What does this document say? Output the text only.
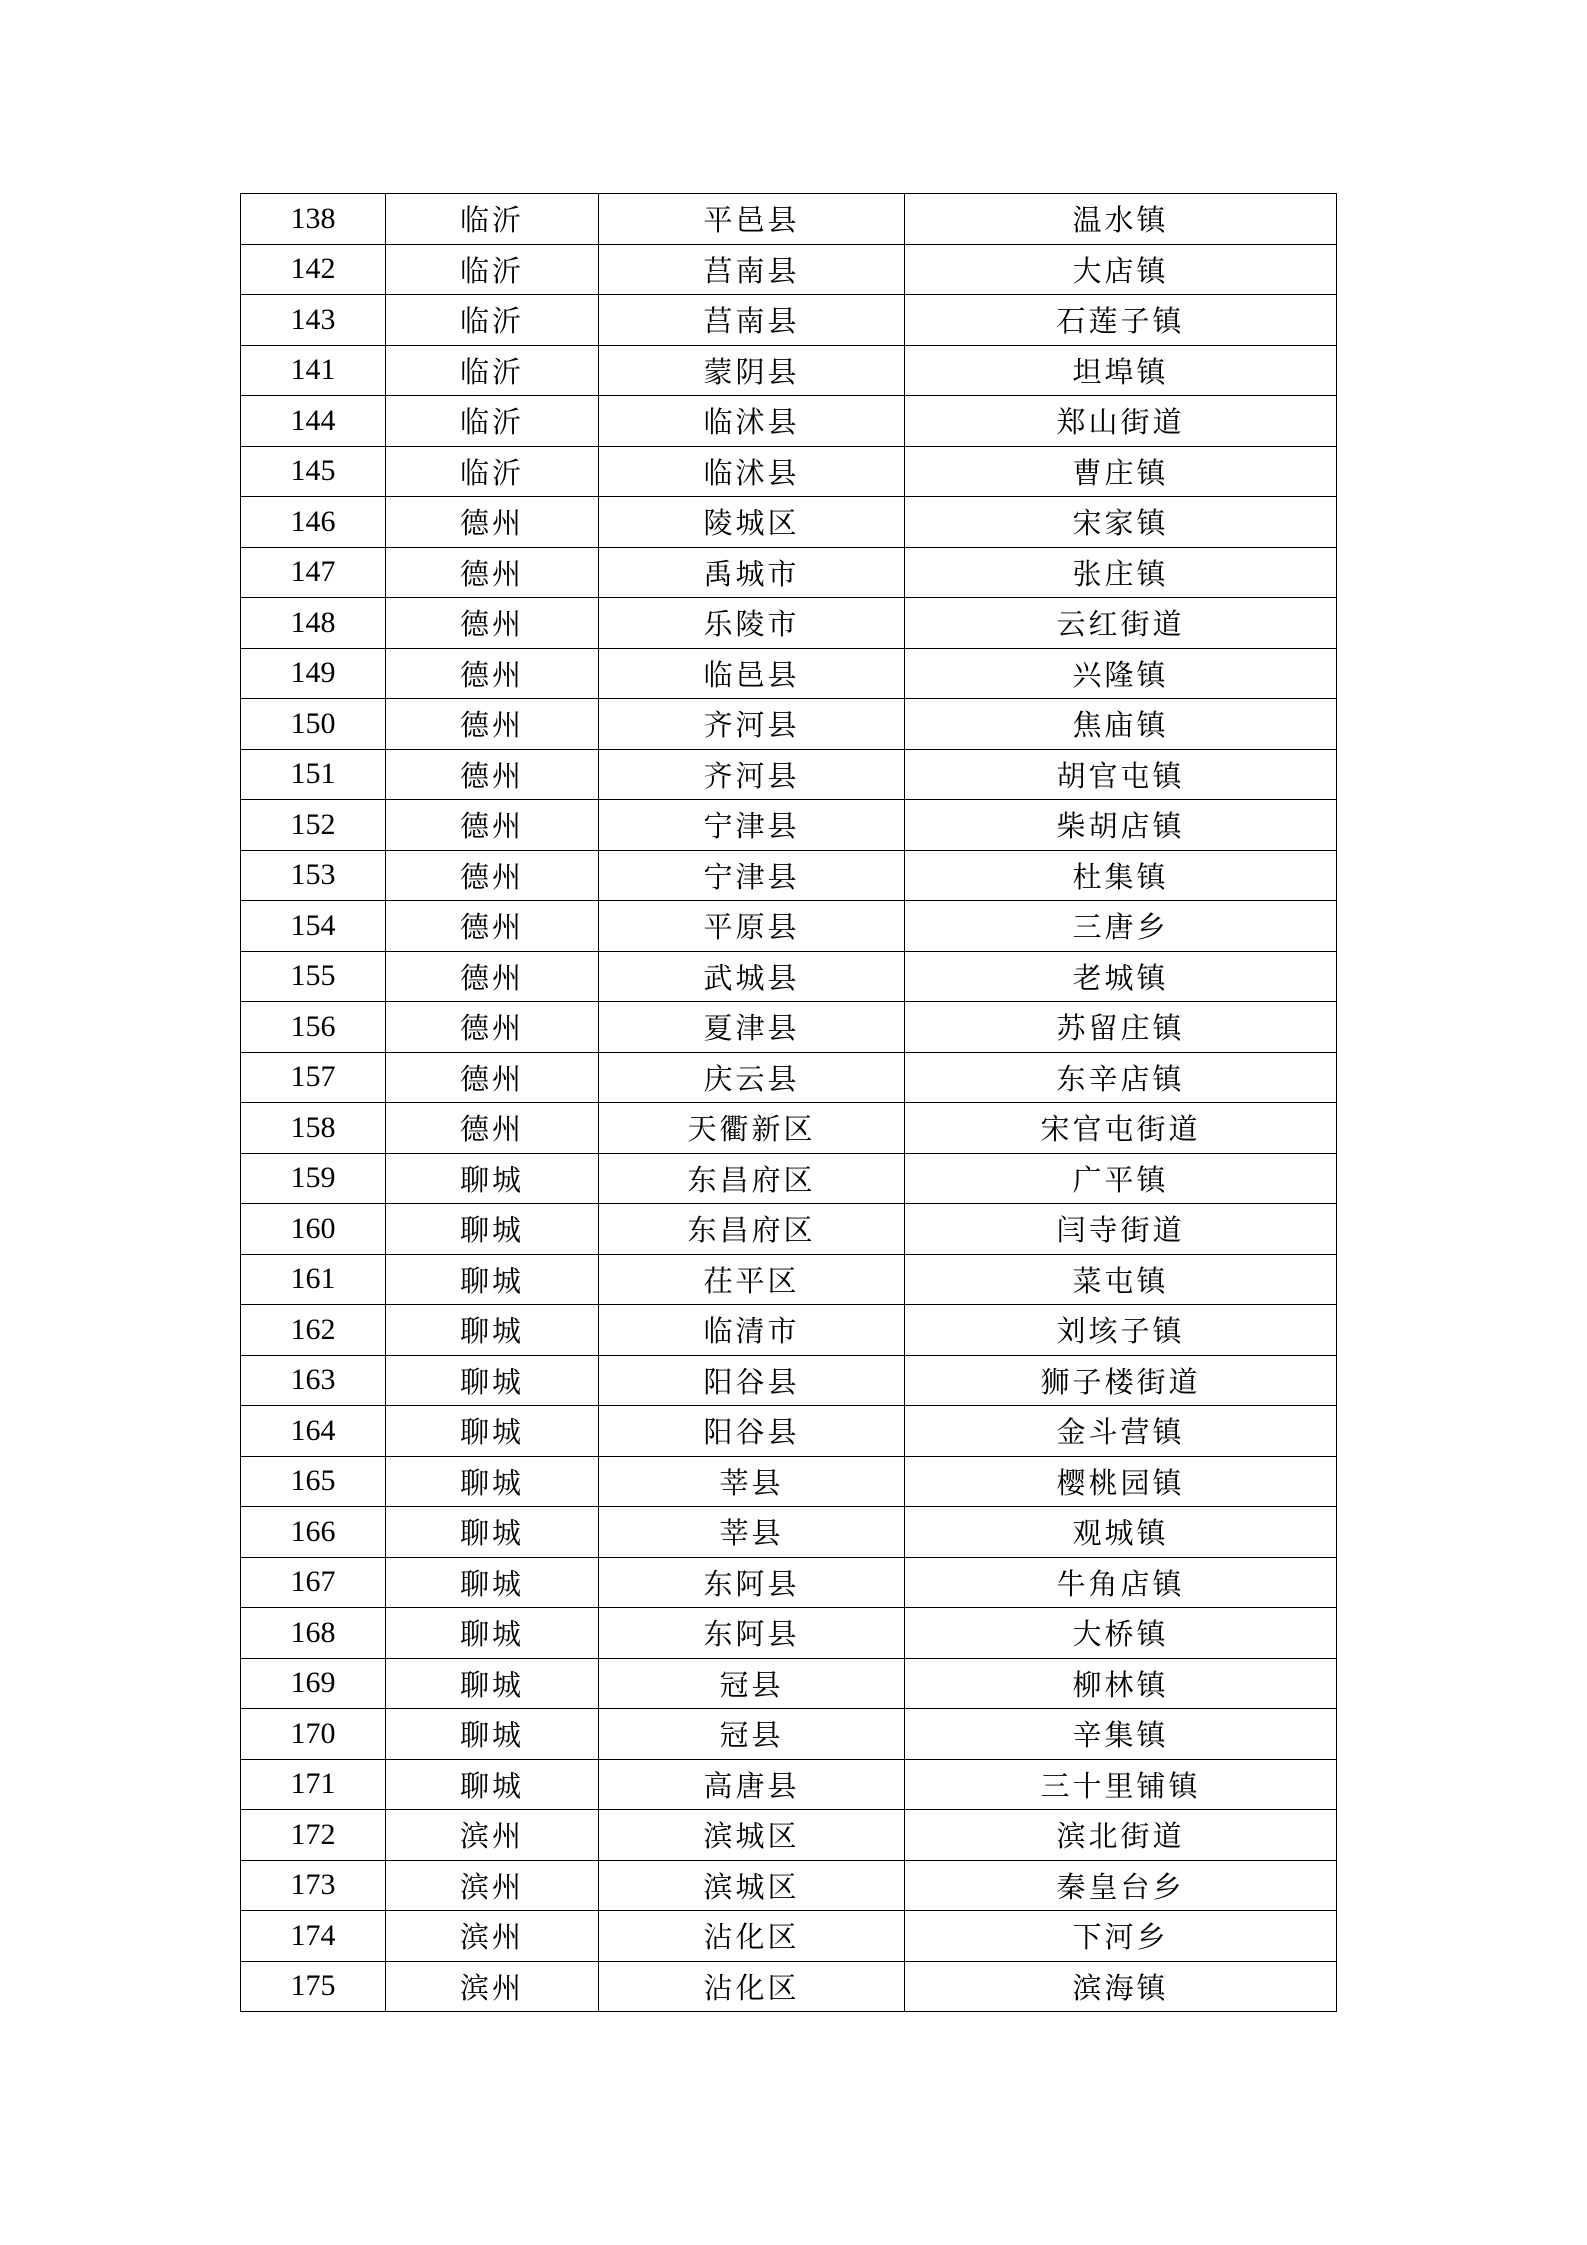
138	临沂	平邑县	温水镇
142	临沂	莒南县	大店镇
143	临沂	莒南县	石莲子镇
141	临沂	蒙阴县	坦埠镇
144	临沂	临沭县	郑山街道
145	临沂	临沭县	曹庄镇
146	德州	陵城区	宋家镇
147	德州	禹城市	张庄镇
148	德州	乐陵市	云红街道
149	德州	临邑县	兴隆镇
150	德州	齐河县	焦庙镇
151	德州	齐河县	胡官屯镇
152	德州	宁津县	柴胡店镇
153	德州	宁津县	杜集镇
154	德州	平原县	三唐乡
155	德州	武城县	老城镇
156	德州	夏津县	苏留庄镇
157	德州	庆云县	东辛店镇
158	德州	天衢新区	宋官屯街道
159	聊城	东昌府区	广平镇
160	聊城	东昌府区	闫寺街道
161	聊城	茌平区	菜屯镇
162	聊城	临清市	刘垓子镇
163	聊城	阳谷县	狮子楼街道
164	聊城	阳谷县	金斗营镇
165	聊城	莘县	樱桃园镇
166	聊城	莘县	观城镇
167	聊城	东阿县	牛角店镇
168	聊城	东阿县	大桥镇
169	聊城	冠县	柳林镇
170	聊城	冠县	辛集镇
171	聊城	高唐县	三十里铺镇
172	滨州	滨城区	滨北街道
173	滨州	滨城区	秦皇台乡
174	滨州	沾化区	下河乡
175	滨州	沾化区	滨海镇
